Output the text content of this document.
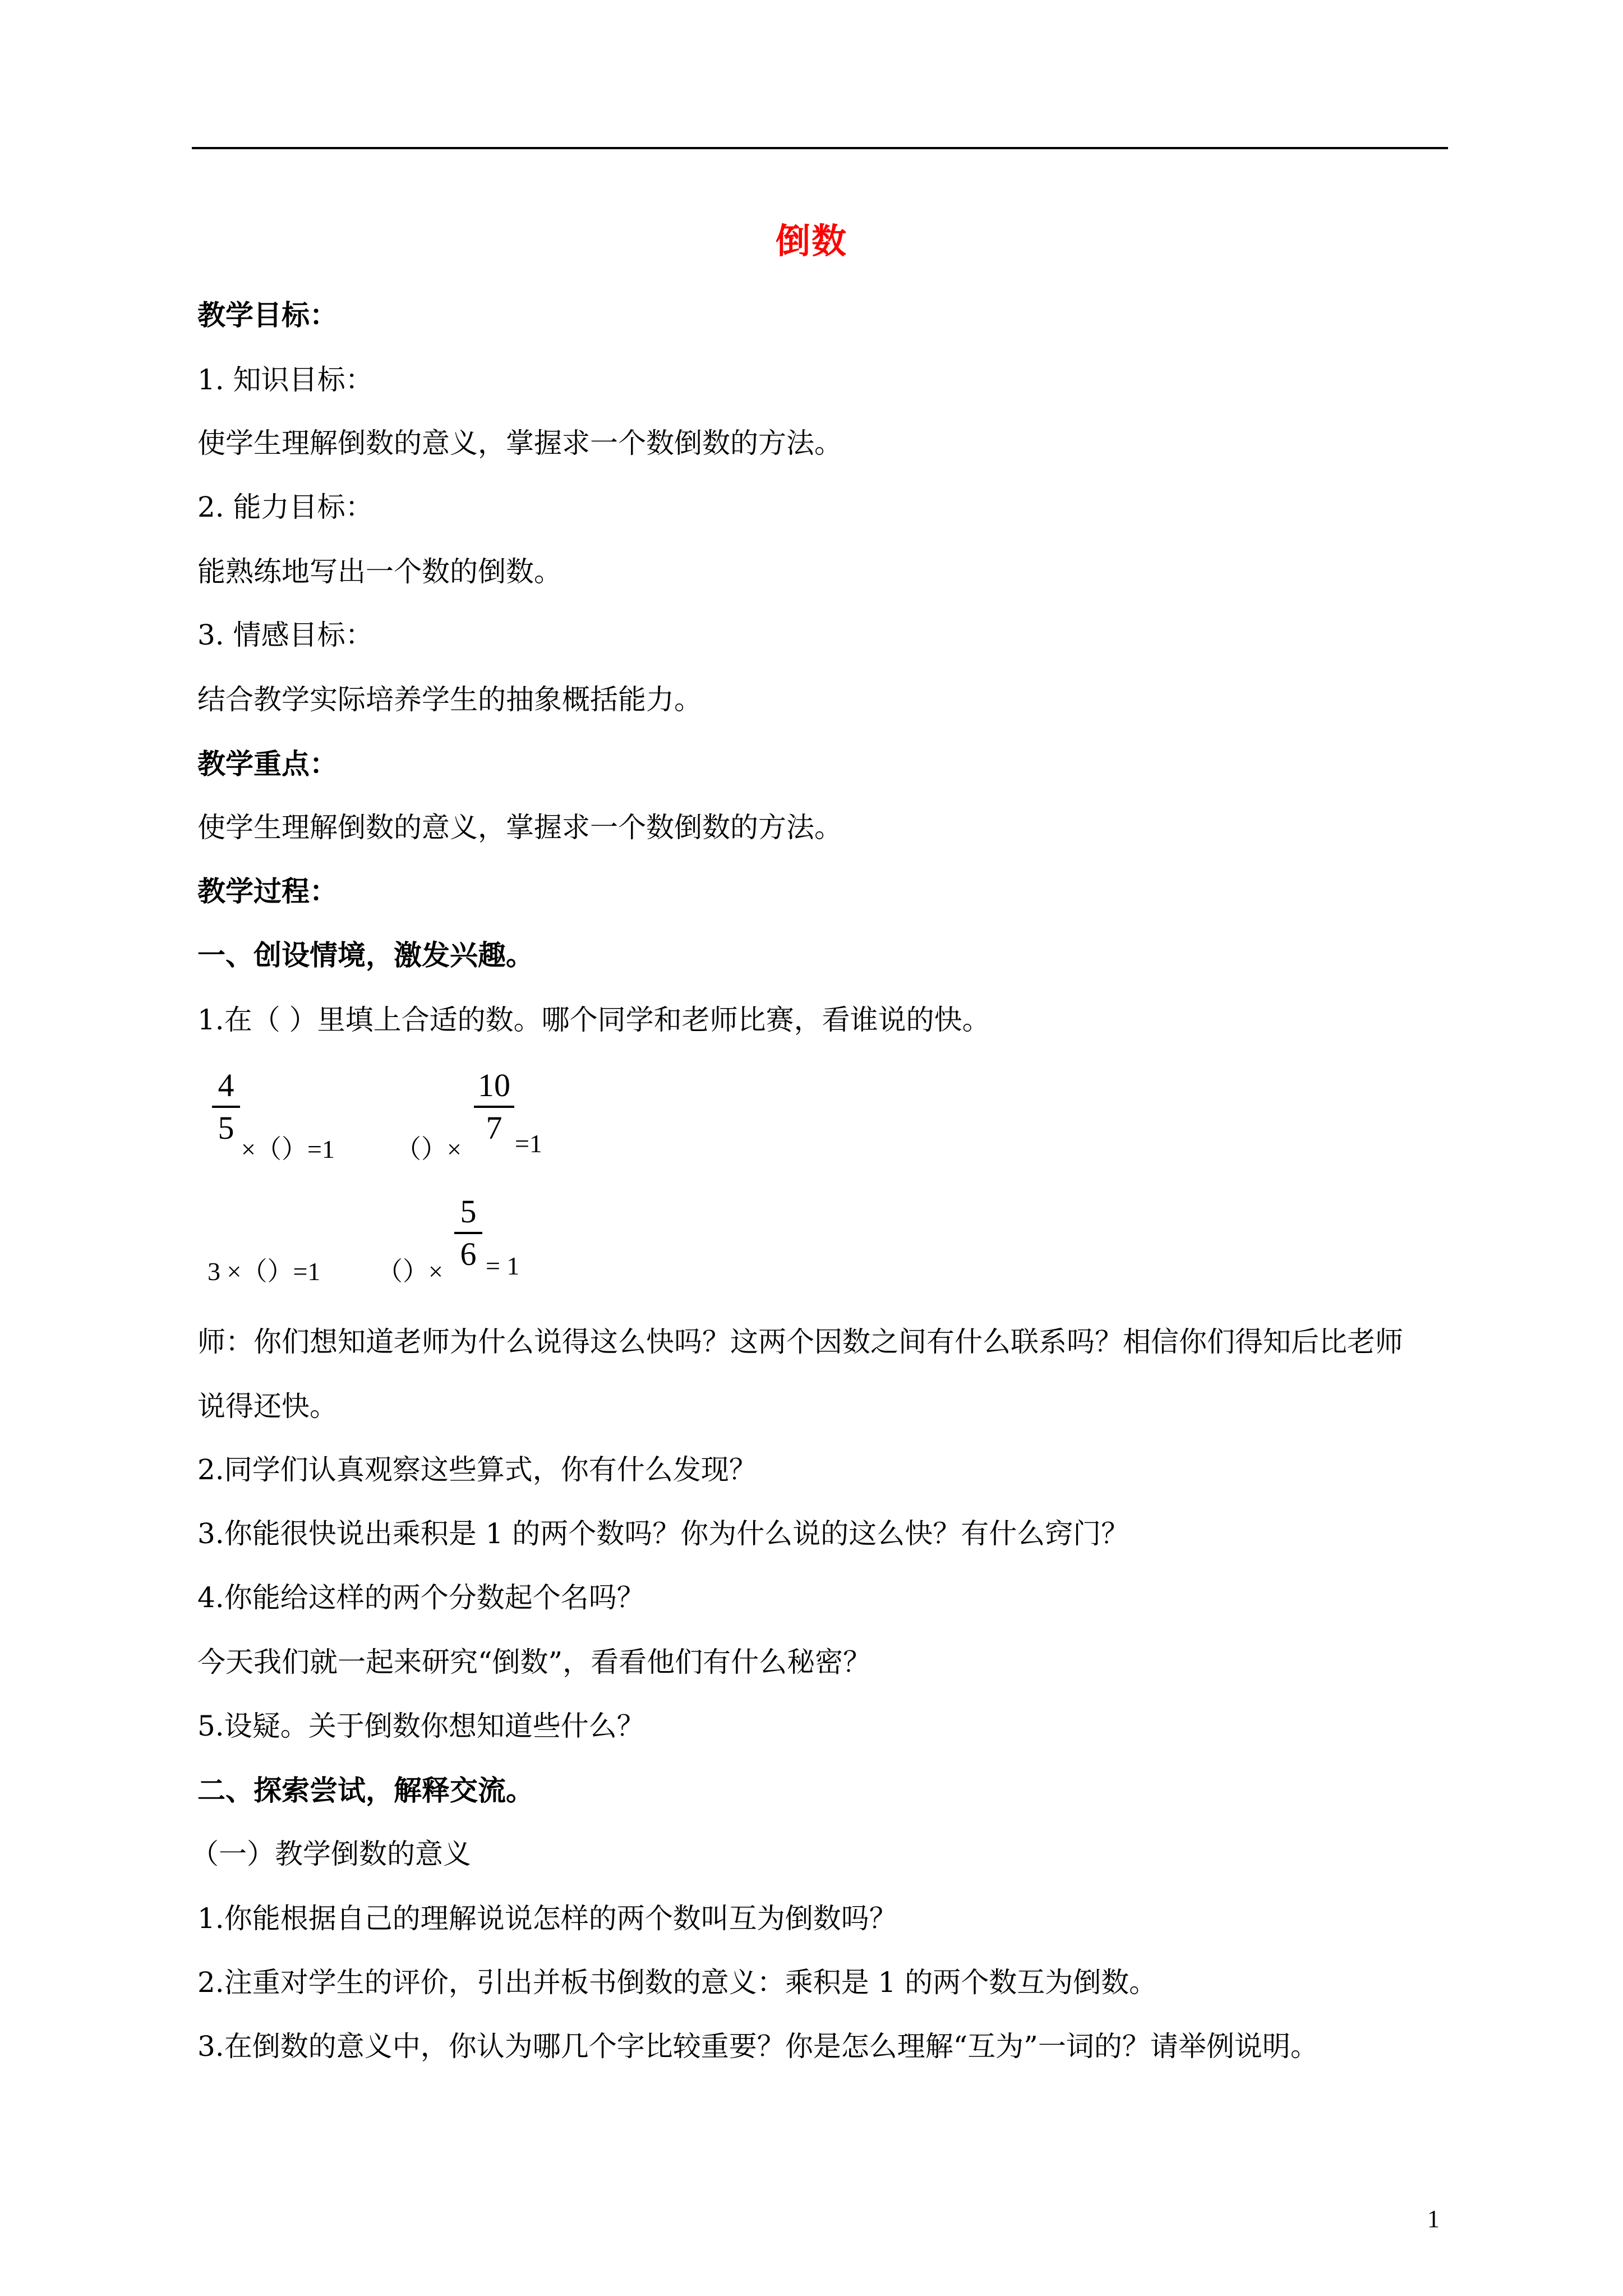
倒数
教学目标：
1. 知识目标：
使学生理解倒数的意义，掌握求一个数倒数的方法。
2. 能力目标：
能熟练地写出一个数的倒数。
3. 情感目标：
结合教学实际培养学生的抽象概括能力。
教学重点：
使学生理解倒数的意义，掌握求一个数倒数的方法。
教学过程：
一、创设情境，激发兴趣。
1.在（ ）里填上合适的数。哪个同学和老师比赛，看谁说的快。
4
5
×（）=1 （）×
10
7 =1
3 ×（）=1 （）×
5
6 = 1
师：你们想知道老师为什么说得这么快吗？这两个因数之间有什么联系吗？相信你们得知后比老师
说得还快。
2.同学们认真观察这些算式，你有什么发现？
3.你能很快说出乘积是 1 的两个数吗？你为什么说的这么快？有什么窍门？
4.你能给这样的两个分数起个名吗？
今天我们就一起来研究“倒数”，看看他们有什么秘密？
5.设疑。关于倒数你想知道些什么？
二、探索尝试，解释交流。
（一）教学倒数的意义
1.你能根据自己的理解说说怎样的两个数叫互为倒数吗？
2.注重对学生的评价，引出并板书倒数的意义：乘积是 1 的两个数互为倒数。
3.在倒数的意义中，你认为哪几个字比较重要？你是怎么理解“互为”一词的？请举例说明。
1
